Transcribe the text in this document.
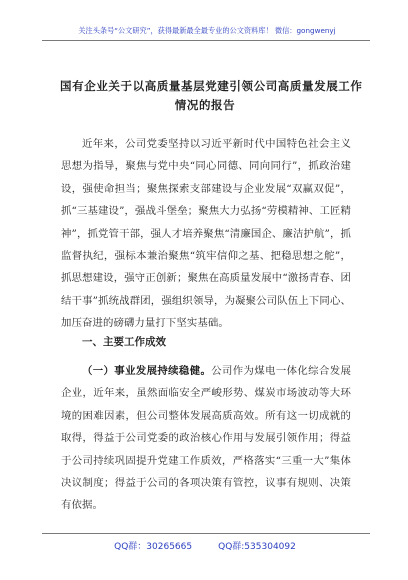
关注头条号“公文研究”，获得最新最全最专业的公文资料库！ 微信：gongwenyj
国有企业关于以高质量基层党建引领公司高质量发展工作
情况的报告
近年来，公司党委坚持以习近平新时代中国特色社会主义思想为指导，聚焦与党中央“同心同德、同向同行”，抓政治建设，强使命担当；聚焦探索支部建设与企业发展“双赢双促”，抓“三基建设”，强战斗堡垒；聚焦大力弘扬“劳模精神、工匠精神”，抓党管干部，强人才培养聚焦“清廉国企、廉洁护航”，抓监督执纪，强标本兼治聚焦“筑牢信仰之基、把稳思想之舵”，抓思想建设，强守正创新；聚焦在高质量发展中“激扬青春、团结干事”抓统战群团，强组织领导，为凝聚公司队伍上下同心、加压奋进的磅礴力量打下坚实基础。
一、主要工作成效
（一）事业发展持续稳健。公司作为煤电一体化综合发展企业，近年来，虽然面临安全严峻形势、煤炭市场波动等大环境的困难因素，但公司整体发展高质高效。所有这一切成就的取得，得益于公司党委的政治核心作用与发展引领作用；得益于公司持续巩固提升党建工作质效，严格落实“三重一大”集体决议制度；得益于公司的各项决策有管控，议事有规则、决策有依据。
QQ群：30265665	QQ群:535304092
